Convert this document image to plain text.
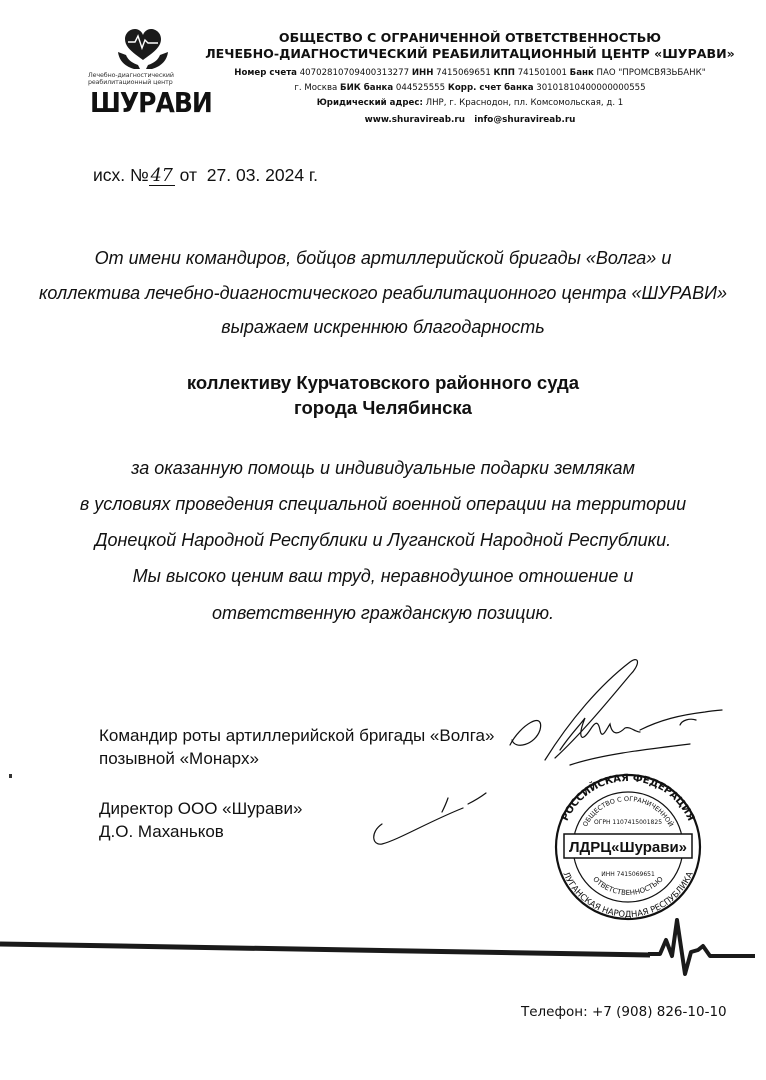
Лечебно-диагностический
реабилитационный центр
ШУРАВИ
ОБЩЕСТВО С ОГРАНИЧЕННОЙ ОТВЕТСТВЕННОСТЬЮ
ЛЕЧЕБНО-ДИАГНОСТИЧЕСКИЙ РЕАБИЛИТАЦИОННЫЙ ЦЕНТР «ШУРАВИ»
Номер счета 40702810709400313277 ИНН 7415069651 КПП 741501001 Банк ПАО "ПРОМСВЯЗЬБАНК"
г. Москва БИК банка 044525555 Корр. счет банка 30101810400000000555
Юридический адрес: ЛНР, г. Краснодон, пл. Комсомольская, д. 1
www.shuravireab.ru info@shuravireab.ru
исх. № 47 от 27. 03. 2024 г.
От имени командиров, бойцов артиллерийской бригады «Волга» и
коллектива лечебно-диагностического реабилитационного центра «ШУРАВИ»
выражаем искреннюю благодарность
коллективу Курчатовского районного суда
города Челябинска
за оказанную помощь и индивидуальные подарки землякам
в условиях проведения специальной военной операции на территории
Донецкой Народной Республики и Луганской Народной Республики.
Мы высоко ценим ваш труд, неравнодушное отношение и
ответственную гражданскую позицию.
Командир роты артиллерийской бригады «Волга»
позывной «Монарх»
Директор ООО «Шурави»
Д.О. Маханьков
РОССИЙСКАЯ ФЕДЕРАЦИЯ
ЛУГАНСКАЯ НАРОДНАЯ РЕСПУБЛИКА
ОБЩЕСТВО С ОГРАНИЧЕННОЙ
ОТВЕТСТВЕННОСТЬЮ
ОГРН 1107415001825
ЛДРЦ«Шурави»
ИНН 7415069651
Телефон: +7 (908) 826-10-10
